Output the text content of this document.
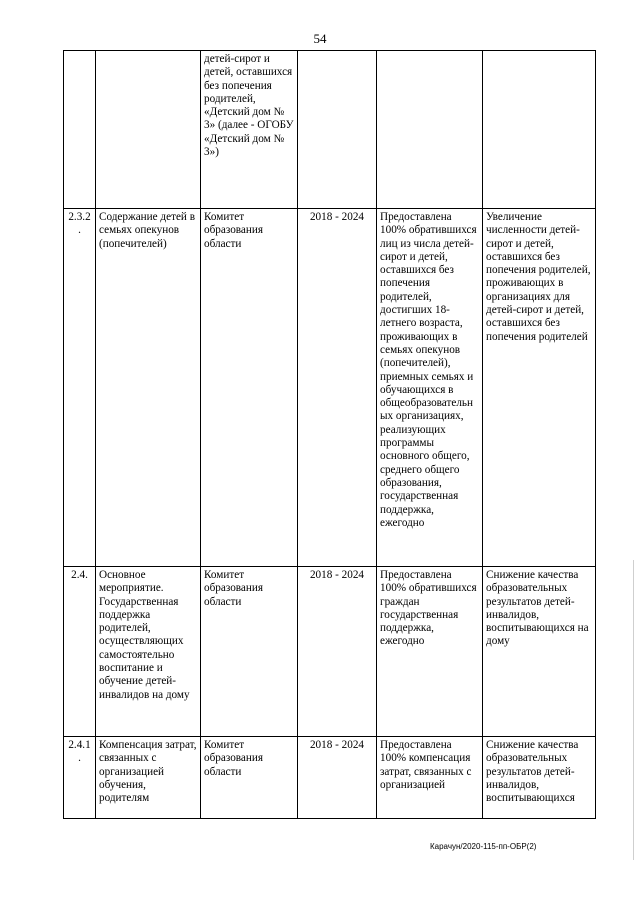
54
		детей-сирот и детей, оставшихся без попечения родителей, «Детский дом № 3» (далее - ОГОБУ «Детский дом № 3»)			
2.3.2.	Содержание детей в семьях опекунов (попечителей)	Комитет образования области	2018 - 2024	Предоставлена 100% обратившихся лиц из числа детей-сирот и детей, оставшихся без попечения родителей, достигших 18-летнего возраста, проживающих в семьях опекунов (попечителей), приемных семьях и обучающихся в общеобразовательных организациях, реализующих программы основного общего, среднего общего образования, государственная поддержка, ежегодно	Увеличение численности детей-сирот и детей, оставшихся без попечения родителей, проживающих в организациях для детей-сирот и детей, оставшихся без попечения родителей
2.4.	Основное мероприятие. Государственная поддержка родителей, осуществляющих самостоятельно воспитание и обучение детей-инвалидов на дому	Комитет образования области	2018 - 2024	Предоставлена 100% обратившихся граждан государственная поддержка, ежегодно	Снижение качества образовательных результатов детей-инвалидов, воспитывающихся на дому
2.4.1.	Компенсация затрат, связанных с организацией обучения, родителям	Комитет образования области	2018 - 2024	Предоставлена 100% компенсация затрат, связанных с организацией	Снижение качества образовательных результатов детей-инвалидов, воспитывающихся
Карачун/2020-115-пп-ОБР(2)
